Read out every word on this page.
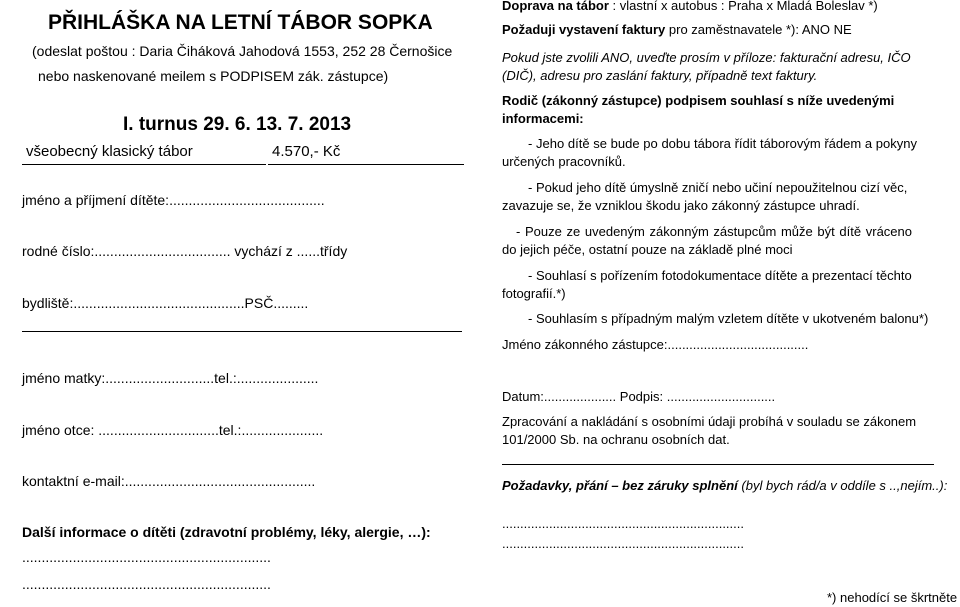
PŘIHLÁŠKA NA LETNÍ TÁBOR SOPKA
(odeslat poštou : Daria Čiháková Jahodová 1553, 252 28 Černošice
nebo naskenované meilem s PODPISEM zák. zástupce)
I. turnus 29. 6. 13. 7. 2013
všeobecný klasický tábor	4.570,- Kč
jméno a příjmení dítěte:........................................
rodné číslo:................................... vychází z ......třídy
bydliště:............................................PSČ.........
jméno matky:............................tel.:.....................
jméno otce: ...............................tel.:.....................
kontaktní e-mail:.................................................
Další informace o dítěti (zdravotní problémy, léky, alergie, …):
................................................................
................................................................
Doprava na tábor : vlastní x autobus : Praha x Mladá Boleslav *)
Požaduji vystavení faktury pro zaměstnavatele *): ANO NE
Pokud jste zvolili ANO, uveďte prosím v příloze: fakturační adresu, IČO (DIČ), adresu pro zaslání faktury, případně text faktury.
Rodič (zákonný zástupce) podpisem souhlasí s níže uvedenými informacemi:
- Jeho dítě se bude po dobu tábora řídit táborovým řádem a pokyny určených pracovníků.
- Pokud jeho dítě úmyslně zničí nebo učiní nepoužitelnou cizí věc, zavazuje se, že vzniklou škodu jako zákonný zástupce uhradí.
- Pouze ze uvedeným zákonným zástupcům může být dítě vráceno do jejich péče, ostatní pouze na základě plné moci
- Souhlasí s pořízením fotodokumentace dítěte a prezentací těchto fotografií.*)
- Souhlasím s případným malým vzletem dítěte v ukotveném balonu*)
Jméno zákonného zástupce:.......................................
Datum:.................... Podpis: ..............................
Zpracování a nakládání s osobními údaji probíhá v souladu se zákonem 101/2000 Sb. na ochranu osobních dat.
Požadavky, přání – bez záruky splnění (byl bych rád/a v oddíle s ..,nejím..):
...................................................................
...................................................................
*) nehodící se škrtněte
